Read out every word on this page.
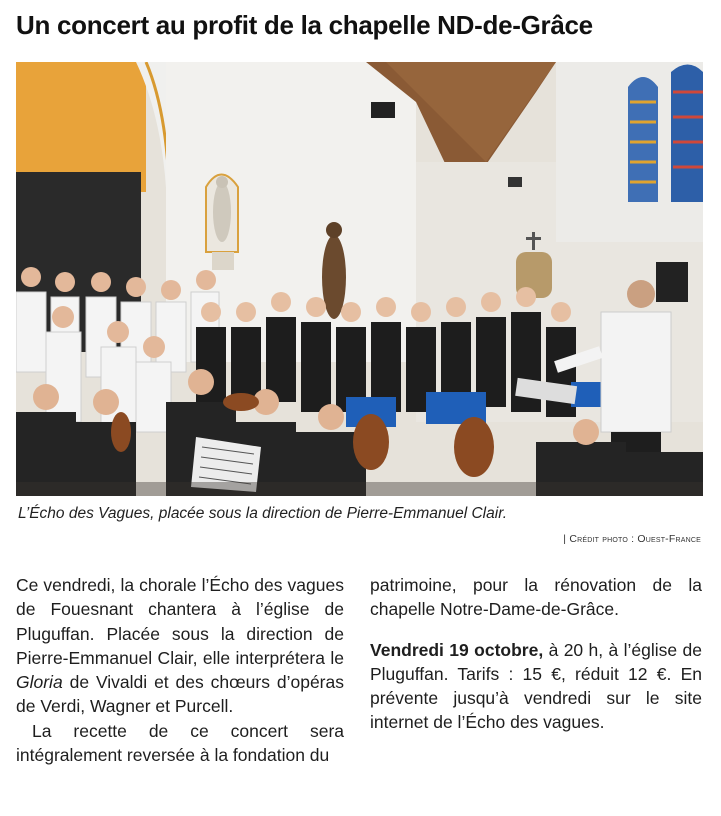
Un concert au profit de la chapelle ND-de-Grâce
L’Écho des Vagues, placée sous la direction de Pierre-Emmanuel Clair.
| Crédit photo : Ouest-France

Ce vendredi, la chorale l’Écho des vagues de Fouesnant chantera à l’église de Pluguffan. Placée sous la direction de Pierre-Emmanuel Clair, elle interprétera le Gloria de Vivaldi et des chœurs d’opéras de Verdi, Wagner et Purcell.

La recette de ce concert sera intégralement reversée à la fondation du

patrimoine, pour la rénovation de la chapelle Notre-Dame-de-Grâce.

Vendredi 19 octobre, à 20 h, à l’église de Pluguffan. Tarifs : 15 €, réduit 12 €. En prévente jusqu’à vendredi sur le site internet de l’Écho des vagues.
